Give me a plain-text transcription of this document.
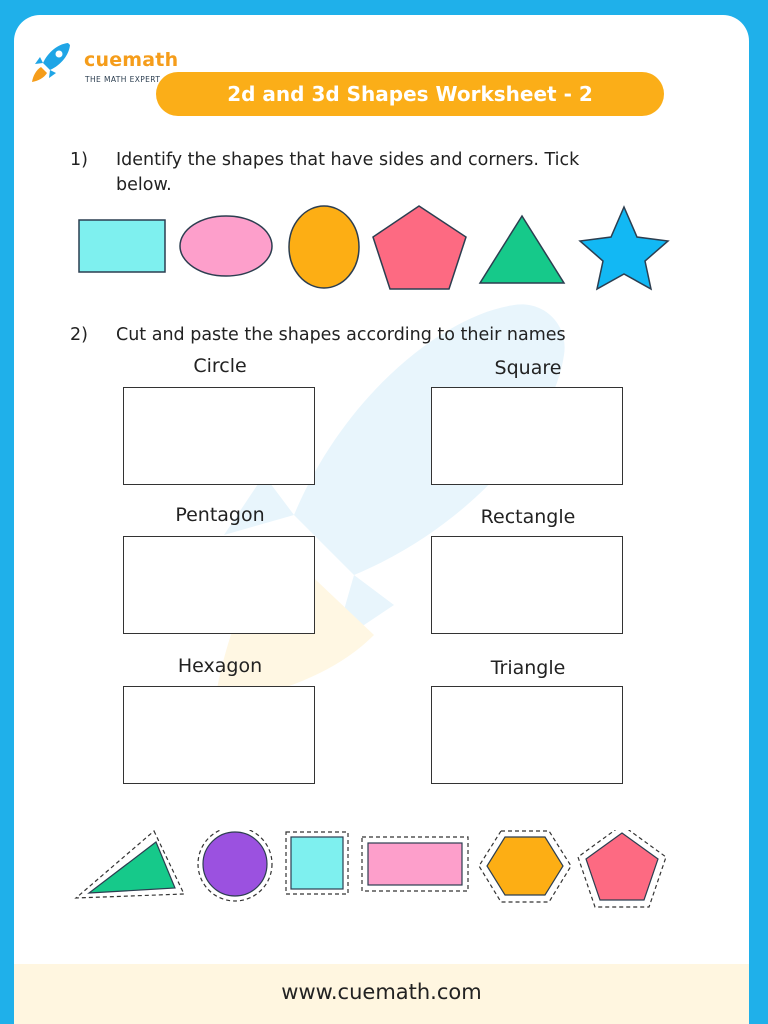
cuemath
THE MATH EXPERT
2d and 3d Shapes Worksheet - 2
1) Identify the shapes that have sides and corners. Tick
below.
2) Cut and paste the shapes according to their names
Circle	Square
Pentagon	Rectangle
Hexagon	Triangle
www.cuemath.com
